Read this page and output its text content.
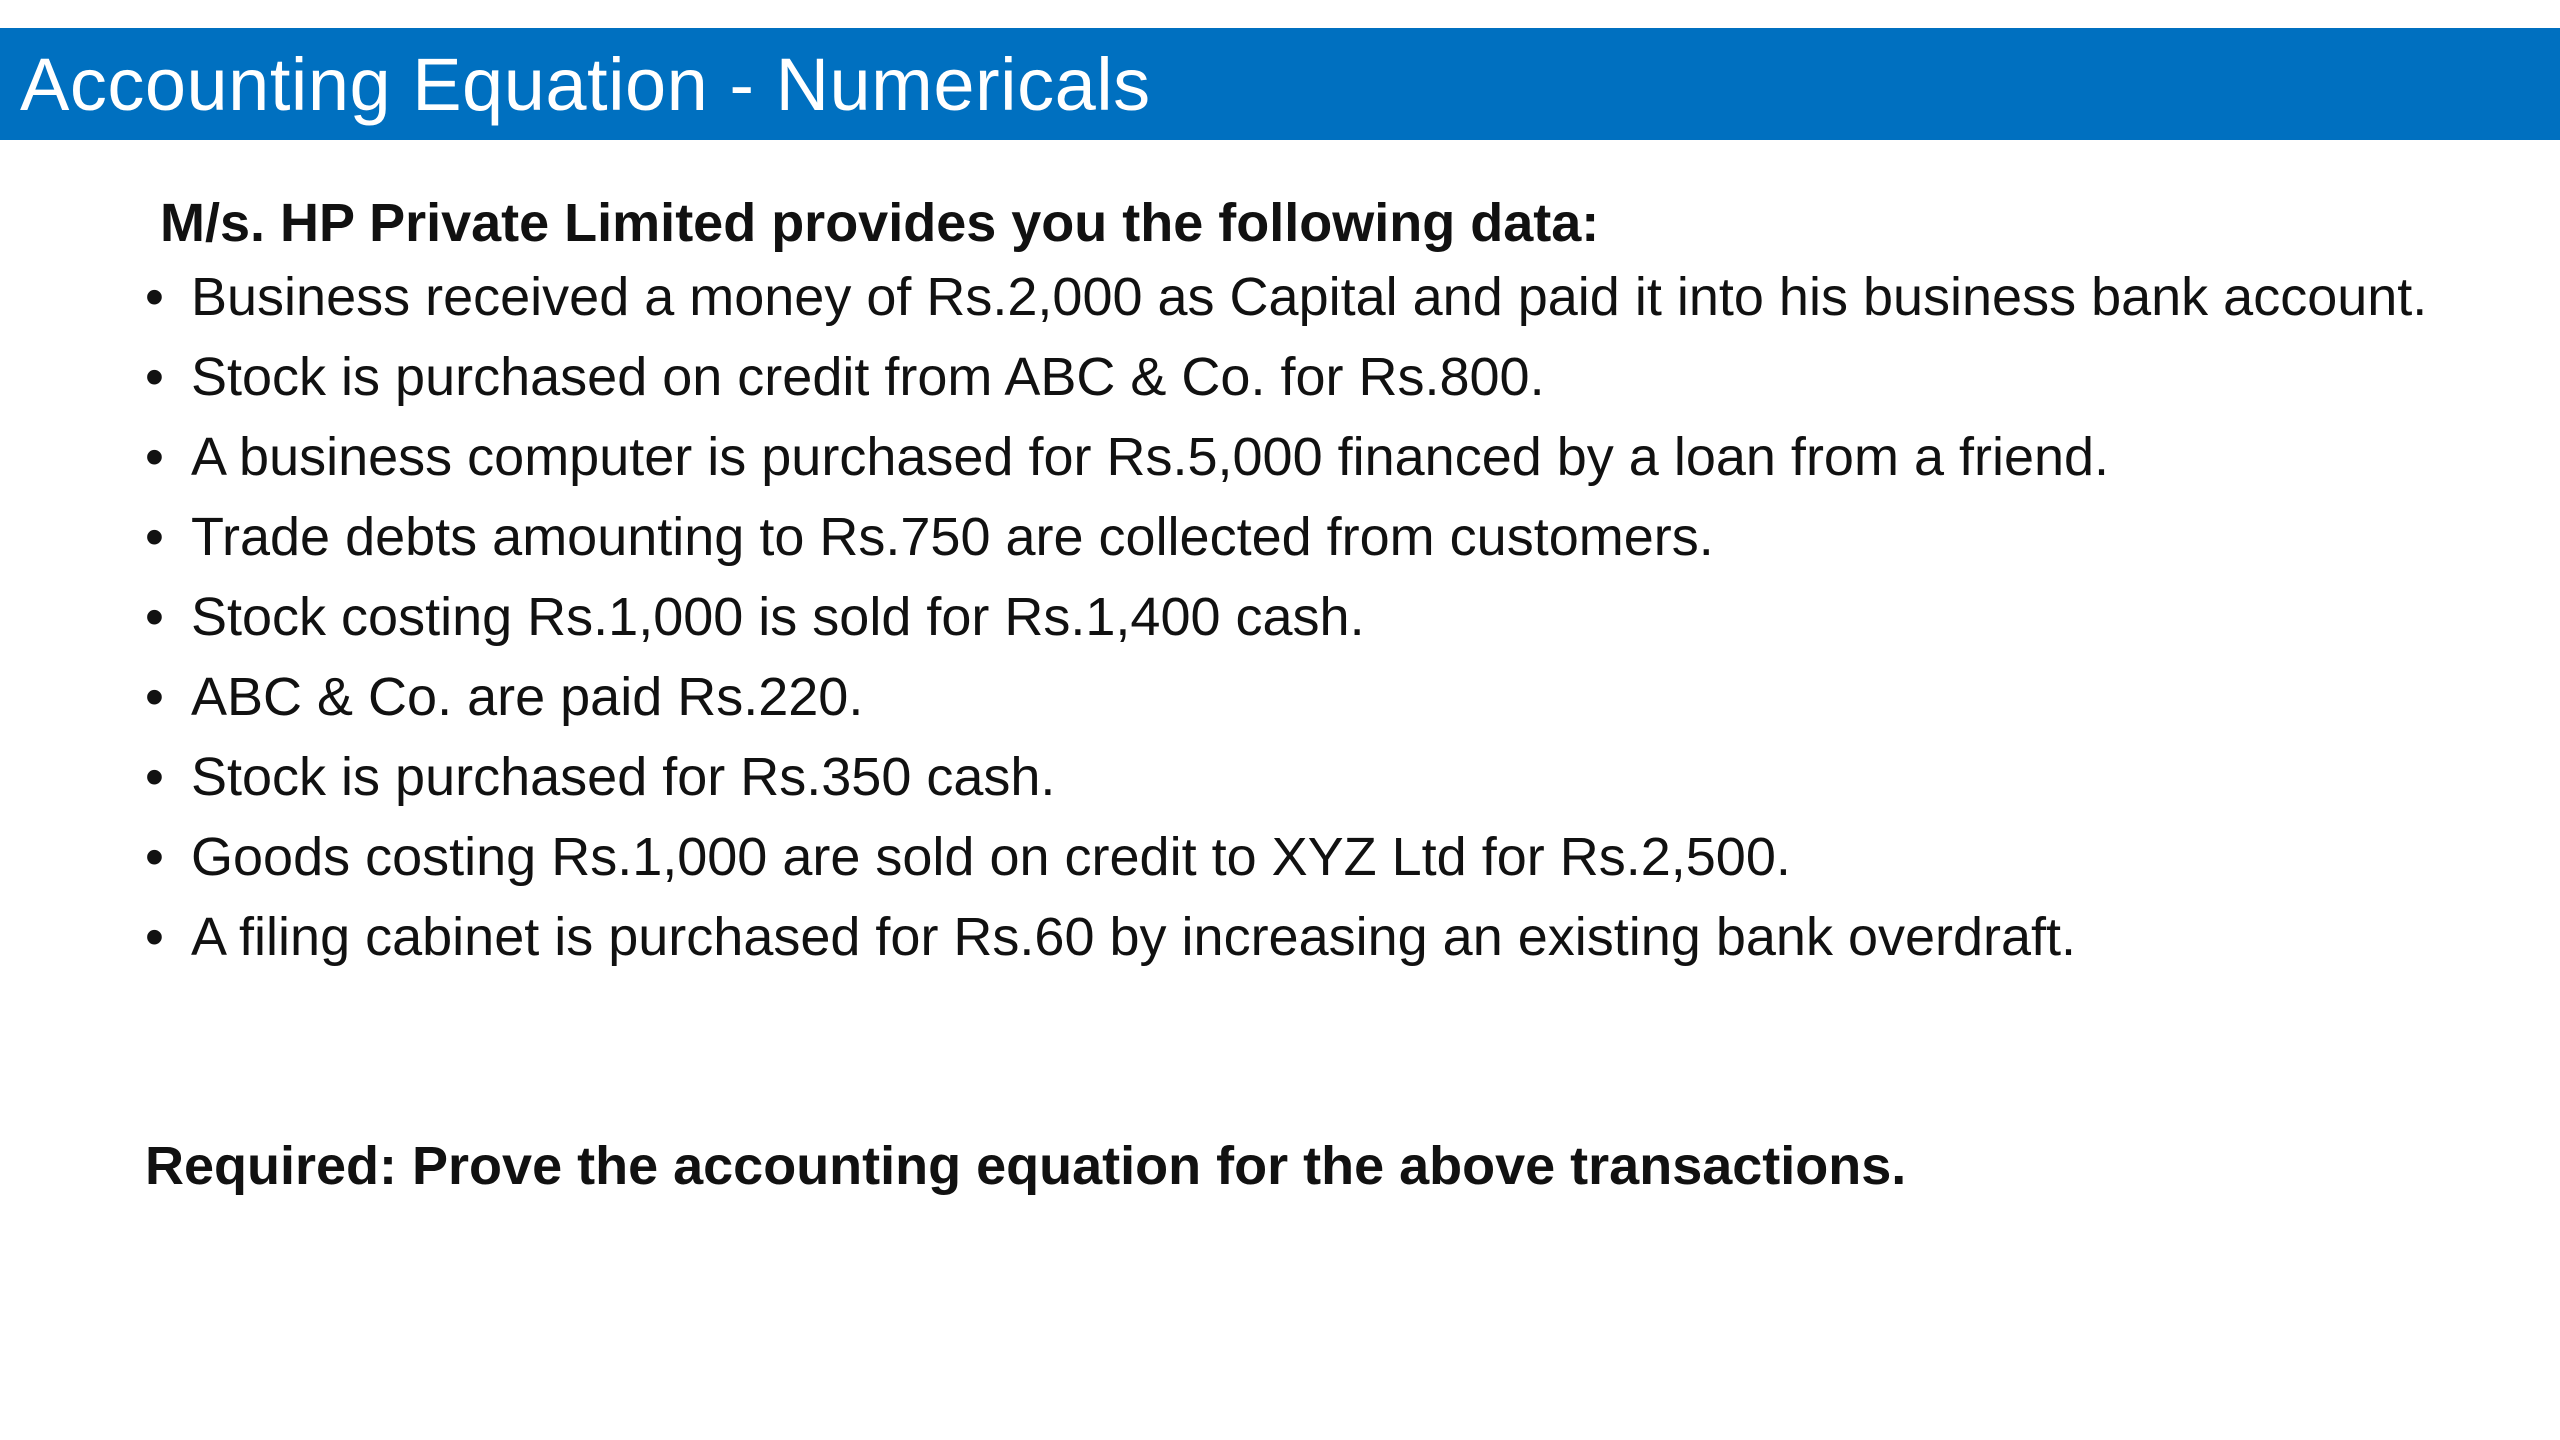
Accounting Equation - Numericals
M/s. HP Private Limited provides you the following data:
• Business received a money of Rs.2,000 as Capital and paid it into his business bank account.
• Stock is purchased on credit from ABC & Co. for Rs.800.
• A business computer is purchased for Rs.5,000 financed by a loan from a friend.
• Trade debts amounting to Rs.750 are collected from customers.
• Stock costing Rs.1,000 is sold for Rs.1,400 cash.
• ABC & Co. are paid Rs.220.
• Stock is purchased for Rs.350 cash.
• Goods costing Rs.1,000 are sold on credit to XYZ Ltd for Rs.2,500.
• A filing cabinet is purchased for Rs.60 by increasing an existing bank overdraft.
Required: Prove the accounting equation for the above transactions.
